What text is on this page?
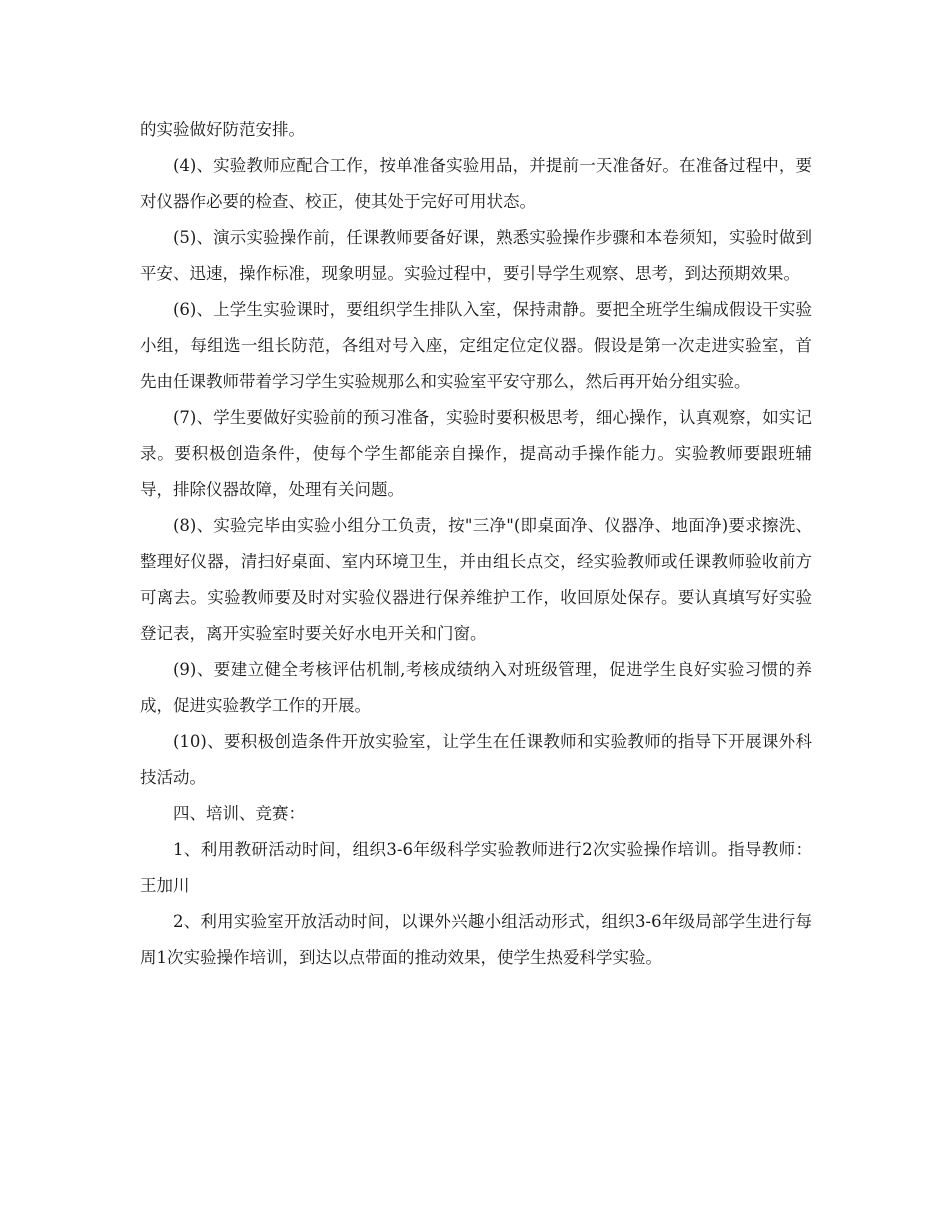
的实验做好防范安排。

(4)、实验教师应配合工作，按单准备实验用品，并提前一天准备好。在准备过程中，要对仪器作必要的检查、校正，使其处于完好可用状态。

(5)、演示实验操作前，任课教师要备好课，熟悉实验操作步骤和本卷须知，实验时做到平安、迅速，操作标准，现象明显。实验过程中，要引导学生观察、思考，到达预期效果。

(6)、上学生实验课时，要组织学生排队入室，保持肃静。要把全班学生编成假设干实验小组，每组选一组长防范，各组对号入座，定组定位定仪器。假设是第一次走进实验室，首先由任课教师带着学习学生实验规那么和实验室平安守那么，然后再开始分组实验。

(7)、学生要做好实验前的预习准备，实验时要积极思考，细心操作，认真观察，如实记录。要积极创造条件，使每个学生都能亲自操作，提高动手操作能力。实验教师要跟班辅导，排除仪器故障，处理有关问题。

(8)、实验完毕由实验小组分工负责，按"三净"(即桌面净、仪器净、地面净)要求擦洗、整理好仪器，清扫好桌面、室内环境卫生，并由组长点交，经实验教师或任课教师验收前方可离去。实验教师要及时对实验仪器进行保养维护工作，收回原处保存。要认真填写好实验登记表，离开实验室时要关好水电开关和门窗。

(9)、要建立健全考核评估机制,考核成绩纳入对班级管理，促进学生良好实验习惯的养成，促进实验教学工作的开展。

(10)、要积极创造条件开放实验室，让学生在任课教师和实验教师的指导下开展课外科技活动。

四、培训、竞赛：

1、利用教研活动时间，组织3-6年级科学实验教师进行2次实验操作培训。指导教师：王加川

2、利用实验室开放活动时间，以课外兴趣小组活动形式，组织3-6年级局部学生进行每周1次实验操作培训，到达以点带面的推动效果，使学生热爱科学实验。
